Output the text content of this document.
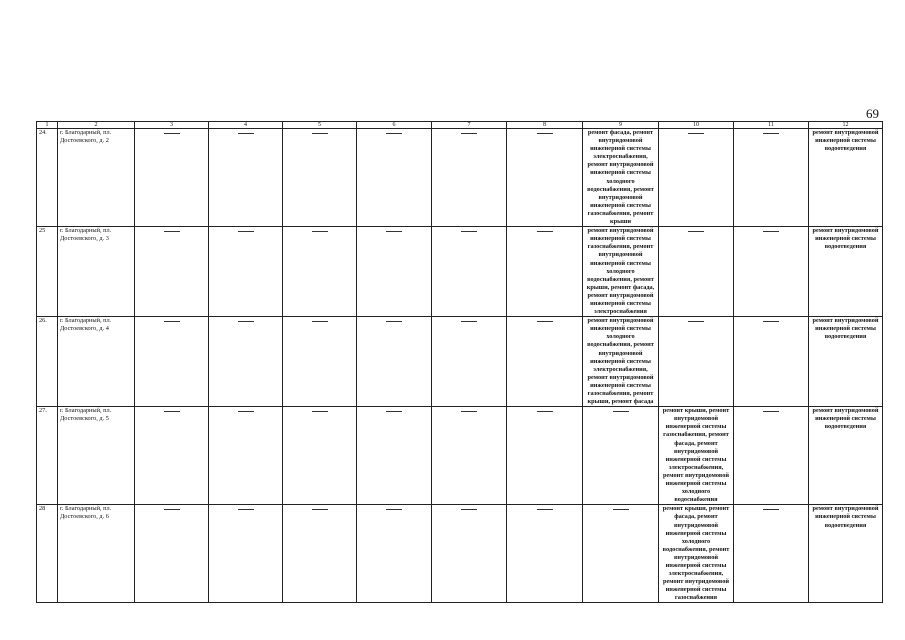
69
1	2	3	4	5	6	7	8	9	10	11	12	
24.	г. Благодарный, пл. Достоевского, д. 2							ремонт фасада, ремонт внутридомовой инженерной системы электроснабжения, ремонт внутридомовой инженерной системы холодного водоснабжения, ремонт внутридомовой инженерной системы газоснабжения, ремонт крыши			ремонт внутридомовой инженерной системы водоотведения	
25	г. Благодарный, пл. Достоевского, д. 3							ремонт внутридомовой инженерной системы газоснабжения, ремонт внутридомовой инженерной системы холодного водоснабжения, ремонт крыши, ремонт фасада, ремонт внутридомовой инженерной системы электроснабжения			ремонт внутридомовой инженерной системы водоотведения	
26.	г. Благодарный, пл. Достоевского, д. 4							ремонт внутридомовой инженерной системы холодного водоснабжения, ремонт внутридомовой инженерной системы электроснабжения, ремонт внутридомовой инженерной системы газоснабжения, ремонт крыши, ремонт фасада			ремонт внутридомовой инженерной системы водоотведения	
27.	г. Благодарный, пл. Достоевского, д. 5								ремонт крыши, ремонт внутридомовой инженерной системы газоснабжения, ремонт фасада, ремонт внутридомовой инженерной системы электроснабжения, ремонт внутридомовой инженерной системы холодного водоснабжения		ремонт внутридомовой инженерной системы водоотведения	
28	г. Благодарный, пл. Достоевского, д. 6								ремонт крыши, ремонт фасада, ремонт внутридомовой инженерной системы холодного водоснабжения, ремонт внутридомовой инженерной системы электроснабжения, ремонт внутридомовой инженерной системы газоснабжения		ремонт внутридомовой инженерной системы водоотведения	
